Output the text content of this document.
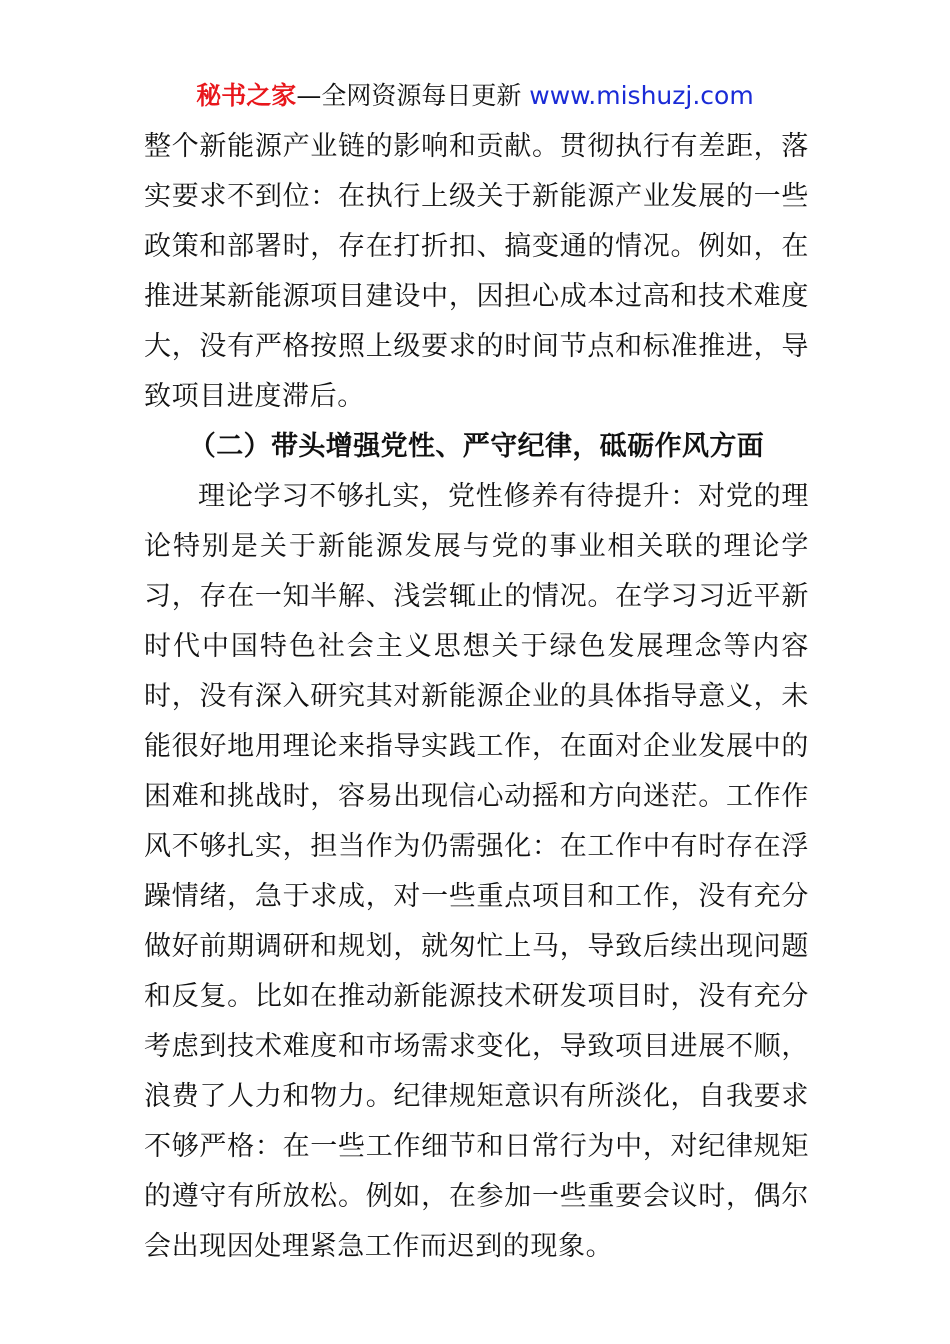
秘书之家—全网资源每日更新 www.mishuzj.com

整个新能源产业链的影响和贡献。贯彻执行有差距，落实要求不到位：在执行上级关于新能源产业发展的一些政策和部署时，存在打折扣、搞变通的情况。例如，在推进某新能源项目建设中，因担心成本过高和技术难度大，没有严格按照上级要求的时间节点和标准推进，导致项目进度滞后。

（二）带头增强党性、严守纪律，砥砺作风方面

理论学习不够扎实，党性修养有待提升：对党的理论特别是关于新能源发展与党的事业相关联的理论学习，存在一知半解、浅尝辄止的情况。在学习习近平新时代中国特色社会主义思想关于绿色发展理念等内容时，没有深入研究其对新能源企业的具体指导意义，未能很好地用理论来指导实践工作，在面对企业发展中的困难和挑战时，容易出现信心动摇和方向迷茫。工作作风不够扎实，担当作为仍需强化：在工作中有时存在浮躁情绪，急于求成，对一些重点项目和工作，没有充分做好前期调研和规划，就匆忙上马，导致后续出现问题和反复。比如在推动新能源技术研发项目时，没有充分考虑到技术难度和市场需求变化，导致项目进展不顺，浪费了人力和物力。纪律规矩意识有所淡化，自我要求不够严格：在一些工作细节和日常行为中，对纪律规矩的遵守有所放松。例如，在参加一些重要会议时，偶尔会出现因处理紧急工作而迟到的现象。
